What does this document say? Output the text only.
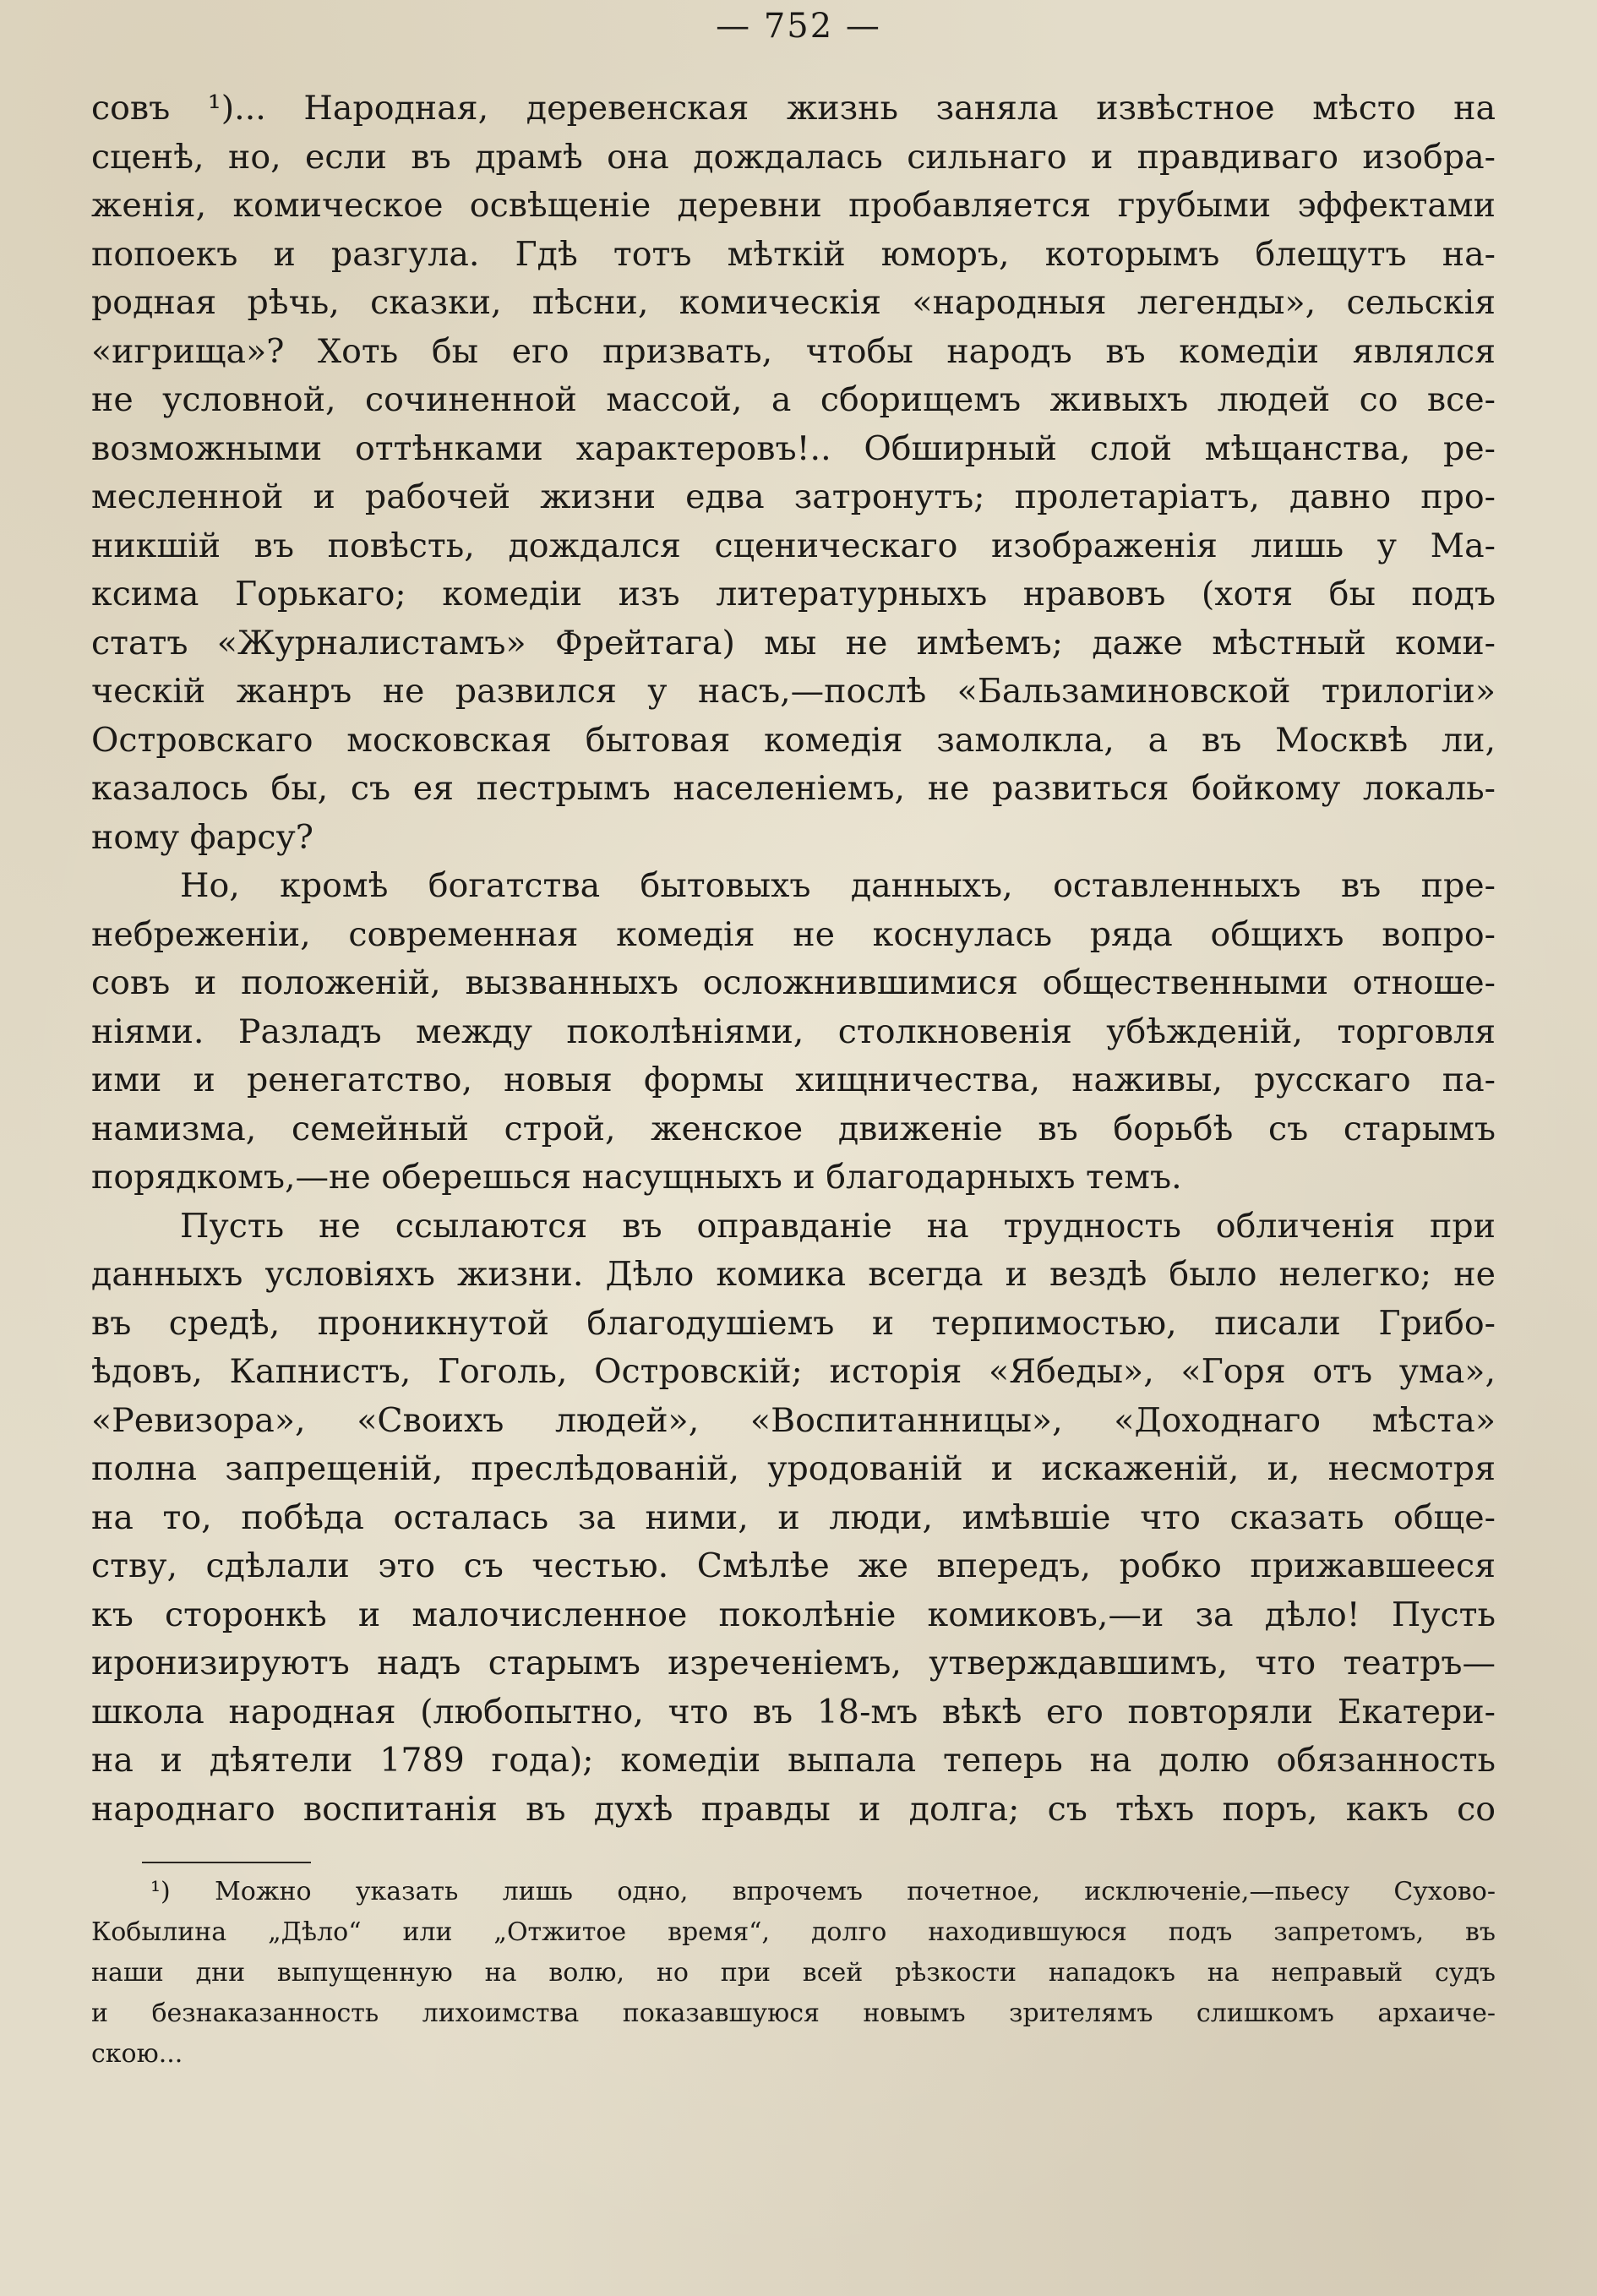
— 752 —

совъ ¹)... Народная, деревенская жизнь заняла извѣстное мѣсто на
сценѣ, но, если въ драмѣ она дождалась сильнаго и правдиваго изобра-
женія, комическое освѣщеніе деревни пробавляется грубыми эффектами
попоекъ и разгула. Гдѣ тотъ мѣткій юморъ, которымъ блещутъ на-
родная рѣчь, сказки, пѣсни, комическія «народныя легенды», сельскія
«игрища»? Хоть бы его призвать, чтобы народъ въ комедіи являлся
не условной, сочиненной массой, а сборищемъ живыхъ людей со все-
возможными оттѣнками характеровъ!.. Обширный слой мѣщанства, ре-
месленной и рабочей жизни едва затронутъ; пролетаріатъ, давно про-
никшій въ повѣсть, дождался сценическаго изображенія лишь у Ма-
ксима Горькаго; комедіи изъ литературныхъ нравовъ (хотя бы подъ
статъ «Журналистамъ» Фрейтага) мы не имѣемъ; даже мѣстный коми-
ческій жанръ не развился у насъ,—послѣ «Бальзаминовской трилогіи»
Островскаго московская бытовая комедія замолкла, а въ Москвѣ ли,
казалось бы, съ ея пестрымъ населеніемъ, не развиться бойкому локаль-
ному фарсу?

Но, кромѣ богатства бытовыхъ данныхъ, оставленныхъ въ пре-
небреженіи, современная комедія не коснулась ряда общихъ вопро-
совъ и положеній, вызванныхъ осложнившимися общественными отноше-
ніями. Разладъ между поколѣніями, столкновенія убѣжденій, торговля
ими и ренегатство, новыя формы хищничества, наживы, русскаго па-
намизма, семейный строй, женское движеніе въ борьбѣ съ старымъ
порядкомъ,—не оберешься насущныхъ и благодарныхъ темъ.

Пусть не ссылаются въ оправданіе на трудность обличенія при
данныхъ условіяхъ жизни. Дѣло комика всегда и вездѣ было нелегко; не
въ средѣ, проникнутой благодушіемъ и терпимостью, писали Грибо-
ѣдовъ, Капнистъ, Гоголь, Островскій; исторія «Ябеды», «Горя отъ ума»,
«Ревизора», «Своихъ людей», «Воспитанницы», «Доходнаго мѣста»
полна запрещеній, преслѣдованій, уродованій и искаженій, и, несмотря
на то, побѣда осталась за ними, и люди, имѣвшіе что сказать обще-
ству, сдѣлали это съ честью. Смѣлѣе же впередъ, робко прижавшееся
къ сторонкѣ и малочисленное поколѣніе комиковъ,—и за дѣло! Пусть
иронизируютъ надъ старымъ изреченіемъ, утверждавшимъ, что театръ—
школа народная (любопытно, что въ 18-мъ вѣкѣ его повторяли Екатери-
на и дѣятели 1789 года); комедіи выпала теперь на долю обязанность
народнаго воспитанія въ духѣ правды и долга; съ тѣхъ поръ, какъ со

¹) Можно указать лишь одно, впрочемъ почетное, исключеніе,—пьесу Сухово-
Кобылина „Дѣло“ или „Отжитое время“, долго находившуюся подъ запретомъ, въ
наши дни выпущенную на волю, но при всей рѣзкости нападокъ на неправый судъ
и безнаказанность лихоимства показавшуюся новымъ зрителямъ слишкомъ архаиче-
скою...
